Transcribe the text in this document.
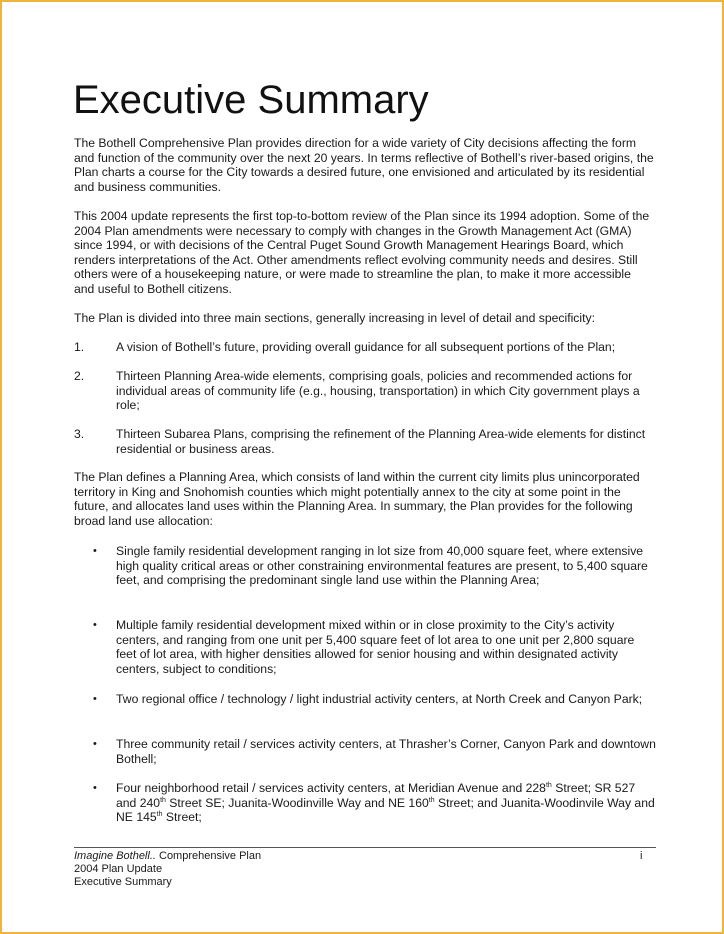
Executive Summary

The Bothell Comprehensive Plan provides direction for a wide variety of City decisions affecting the form and function of the community over the next 20 years. In terms reflective of Bothell’s river-based origins, the Plan charts a course for the City towards a desired future, one envisioned and articulated by its residential and business communities.

This 2004 update represents the first top-to-bottom review of the Plan since its 1994 adoption. Some of the 2004 Plan amendments were necessary to comply with changes in the Growth Management Act (GMA) since 1994, or with decisions of the Central Puget Sound Growth Management Hearings Board, which renders interpretations of the Act. Other amendments reflect evolving community needs and desires. Still others were of a housekeeping nature, or were made to streamline the plan, to make it more accessible and useful to Bothell citizens.

The Plan is divided into three main sections, generally increasing in level of detail and specificity:

1.	A vision of Bothell’s future, providing overall guidance for all subsequent portions of the Plan;

2.	Thirteen Planning Area-wide elements, comprising goals, policies and recommended actions for individual areas of community life (e.g., housing, transportation) in which City government plays a role;

3.	Thirteen Subarea Plans, comprising the refinement of the Planning Area-wide elements for distinct residential or business areas.

The Plan defines a Planning Area, which consists of land within the current city limits plus unincorporated territory in King and Snohomish counties which might potentially annex to the city at some point in the future, and allocates land uses within the Planning Area. In summary, the Plan provides for the following broad land use allocation:

• Single family residential development ranging in lot size from 40,000 square feet, where extensive high quality critical areas or other constraining environmental features are present, to 5,400 square feet, and comprising the predominant single land use within the Planning Area;

• Multiple family residential development mixed within or in close proximity to the City’s activity centers, and ranging from one unit per 5,400 square feet of lot area to one unit per 2,800 square feet of lot area, with higher densities allowed for senior housing and within designated activity centers, subject to conditions;

• Two regional office / technology / light industrial activity centers, at North Creek and Canyon Park;

• Three community retail / services activity centers, at Thrasher’s Corner, Canyon Park and downtown Bothell;

• Four neighborhood retail / services activity centers, at Meridian Avenue and 228th Street; SR 527 and 240th Street SE; Juanita-Woodinville Way and NE 160th Street; and Juanita-Woodinvile Way and NE 145th Street;

Imagine Bothell.. Comprehensive Plan
2004 Plan Update
Executive Summary
i
